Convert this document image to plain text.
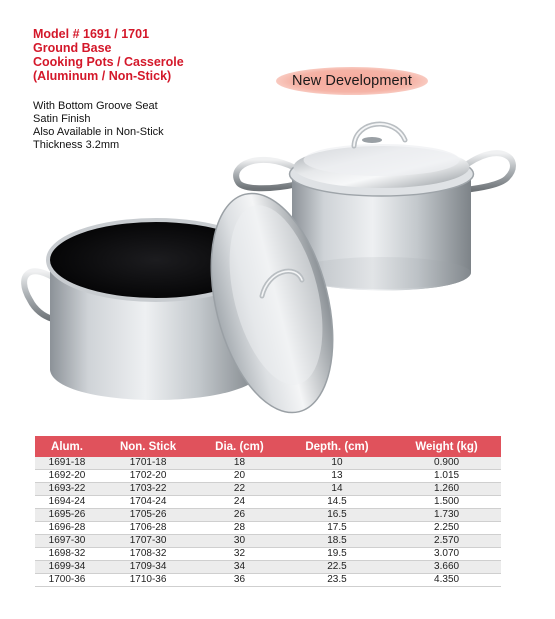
Model # 1691 / 1701
Ground Base
Cooking Pots / Casserole
(Aluminum / Non-Stick)
With Bottom Groove Seat
Satin Finish
Also Available in Non-Stick
Thickness 3.2mm
New Development
Alum.	Non. Stick	Dia. (cm)	Depth. (cm)	Weight (kg)
1691-18	1701-18	18	10	0.900
1692-20	1702-20	20	13	1.015
1693-22	1703-22	22	14	1.260
1694-24	1704-24	24	14.5	1.500
1695-26	1705-26	26	16.5	1.730
1696-28	1706-28	28	17.5	2.250
1697-30	1707-30	30	18.5	2.570
1698-32	1708-32	32	19.5	3.070
1699-34	1709-34	34	22.5	3.660
1700-36	1710-36	36	23.5	4.350
